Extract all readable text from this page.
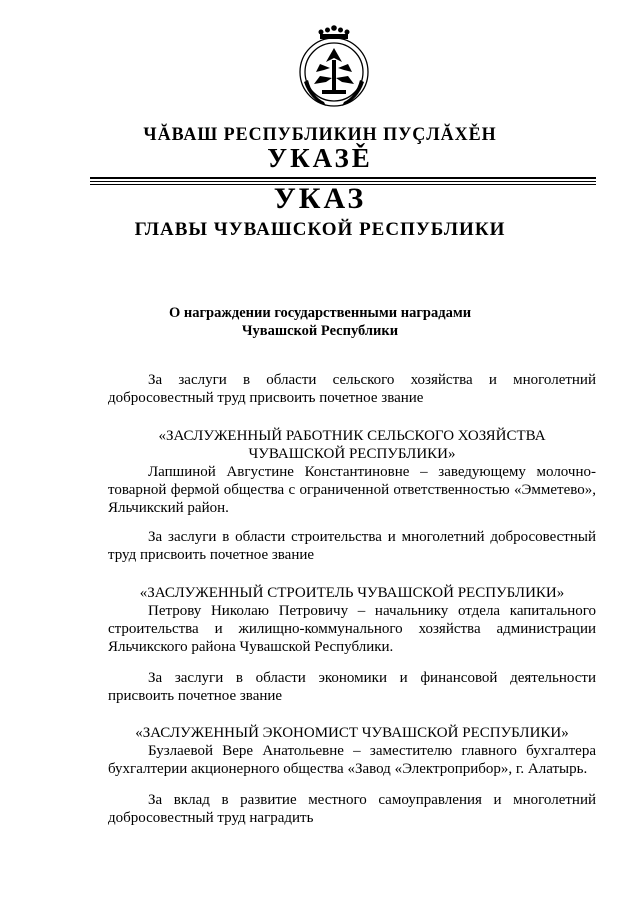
ЧĂВАШ РЕСПУБЛИКИН ПУÇЛĂХĚН
УКАЗĚ
УКАЗ
ГЛАВЫ ЧУВАШСКОЙ РЕСПУБЛИКИ
О награждении государственными наградами
Чувашской Республики

За заслуги в области сельского хозяйства и многолетний добросовестный труд присвоить почетное звание

«ЗАСЛУЖЕННЫЙ РАБОТНИК СЕЛЬСКОГО ХОЗЯЙСТВА ЧУВАШСКОЙ РЕСПУБЛИКИ»

Лапшиной Августине Константиновне – заведующему молочно-товарной фермой общества с ограниченной ответственностью «Эмметево», Яльчикский район.

За заслуги в области строительства и многолетний добросовестный труд присвоить почетное звание

«ЗАСЛУЖЕННЫЙ СТРОИТЕЛЬ ЧУВАШСКОЙ РЕСПУБЛИКИ»

Петрову Николаю Петровичу – начальнику отдела капитального строительства и жилищно-коммунального хозяйства администрации Яльчикского района Чувашской Республики.

За заслуги в области экономики и финансовой деятельности присвоить почетное звание

«ЗАСЛУЖЕННЫЙ ЭКОНОМИСТ ЧУВАШСКОЙ РЕСПУБЛИКИ»

Бузлаевой Вере Анатольевне – заместителю главного бухгалтера бухгалтерии акционерного общества «Завод «Электроприбор», г. Алатырь.

За вклад в развитие местного самоуправления и многолетний добросовестный труд наградить
